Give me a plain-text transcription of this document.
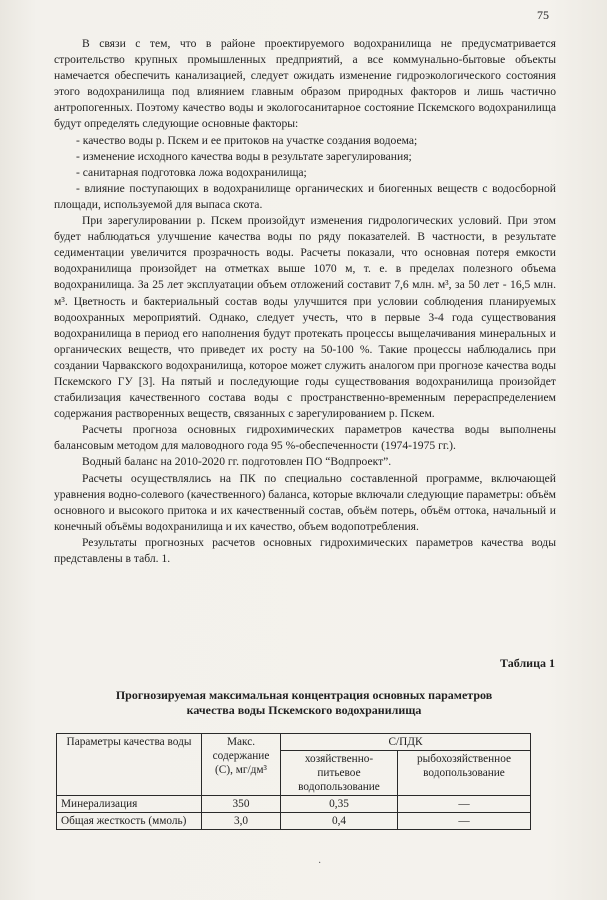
75

В связи с тем, что в районе проектируемого водохранилища не предусматривается строительство крупных промышленных предприятий, а все коммунально-бытовые объекты намечается обеспечить канализацией, следует ожидать изменение гидроэкологического состояния этого водохранилища под влиянием главным образом природных факторов и лишь частично антропогенных. Поэтому качество воды и экологосанитарное состояние Пскемского водохранилища будут определять следующие основные факторы:

- качество воды р. Пскем и ее притоков на участке создания водоема;

- изменение исходного качества воды в результате зарегулирования;

- санитарная подготовка ложа водохранилища;

- влияние поступающих в водохранилище органических и биогенных веществ с водосборной площади, используемой для выпаса скота.

При зарегулировании р. Пскем произойдут изменения гидрологических условий. При этом будет наблюдаться улучшение качества воды по ряду показателей. В частности, в результате седиментации увеличится прозрачность воды. Расчеты показали, что основная потеря емкости водохранилища произойдет на отметках выше 1070 м, т. е. в пределах полезного объема водохранилища. За 25 лет эксплуатации объем отложений составит 7,6 млн. м³, за 50 лет - 16,5 млн. м³. Цветность и бактериальный состав воды улучшится при условии соблюдения планируемых водоохранных мероприятий. Однако, следует учесть, что в первые 3-4 года существования водохранилища в период его наполнения будут протекать процессы выщелачивания минеральных и органических веществ, что приведет их росту на 50-100 %. Такие процессы наблюдались при создании Чарвакского водохранилища, которое может служить аналогом при прогнозе качества воды Пскемского ГУ [3]. На пятый и последующие годы существования водохранилища произойдет стабилизация качественного состава воды с пространственно-временным перераспределением содержания растворенных веществ, связанных с зарегулированием р. Пскем.

Расчеты прогноза основных гидрохимических параметров качества воды выполнены балансовым методом для маловодного года 95 %-обеспеченности (1974-1975 гг.).

Водный баланс на 2010-2020 гг. подготовлен ПО “Водпроект”.

Расчеты осуществлялись на ПК по специально составленной программе, включающей уравнения водно-солевого (качественного) баланса, которые включали следующие параметры: объём основного и высокого притока и их качественный состав, объём потерь, объём оттока, начальный и конечный объёмы водохранилища и их качество, объем водопотребления.

Результаты прогнозных расчетов основных гидрохимических параметров качества воды представлены в табл. 1.

Таблица 1
Прогнозируемая максимальная концентрация основных параметров
качества воды Пскемского водохранилища
Параметры качества воды	Макс. содержание (С), мг/дм³	С/ПДК	
		хозяйственно-питьевое водопользование	рыбохозяйственное водопользование
Минерализация	350	0,35	—
Общая жесткость (ммоль)	3,0	0,4	—
·
